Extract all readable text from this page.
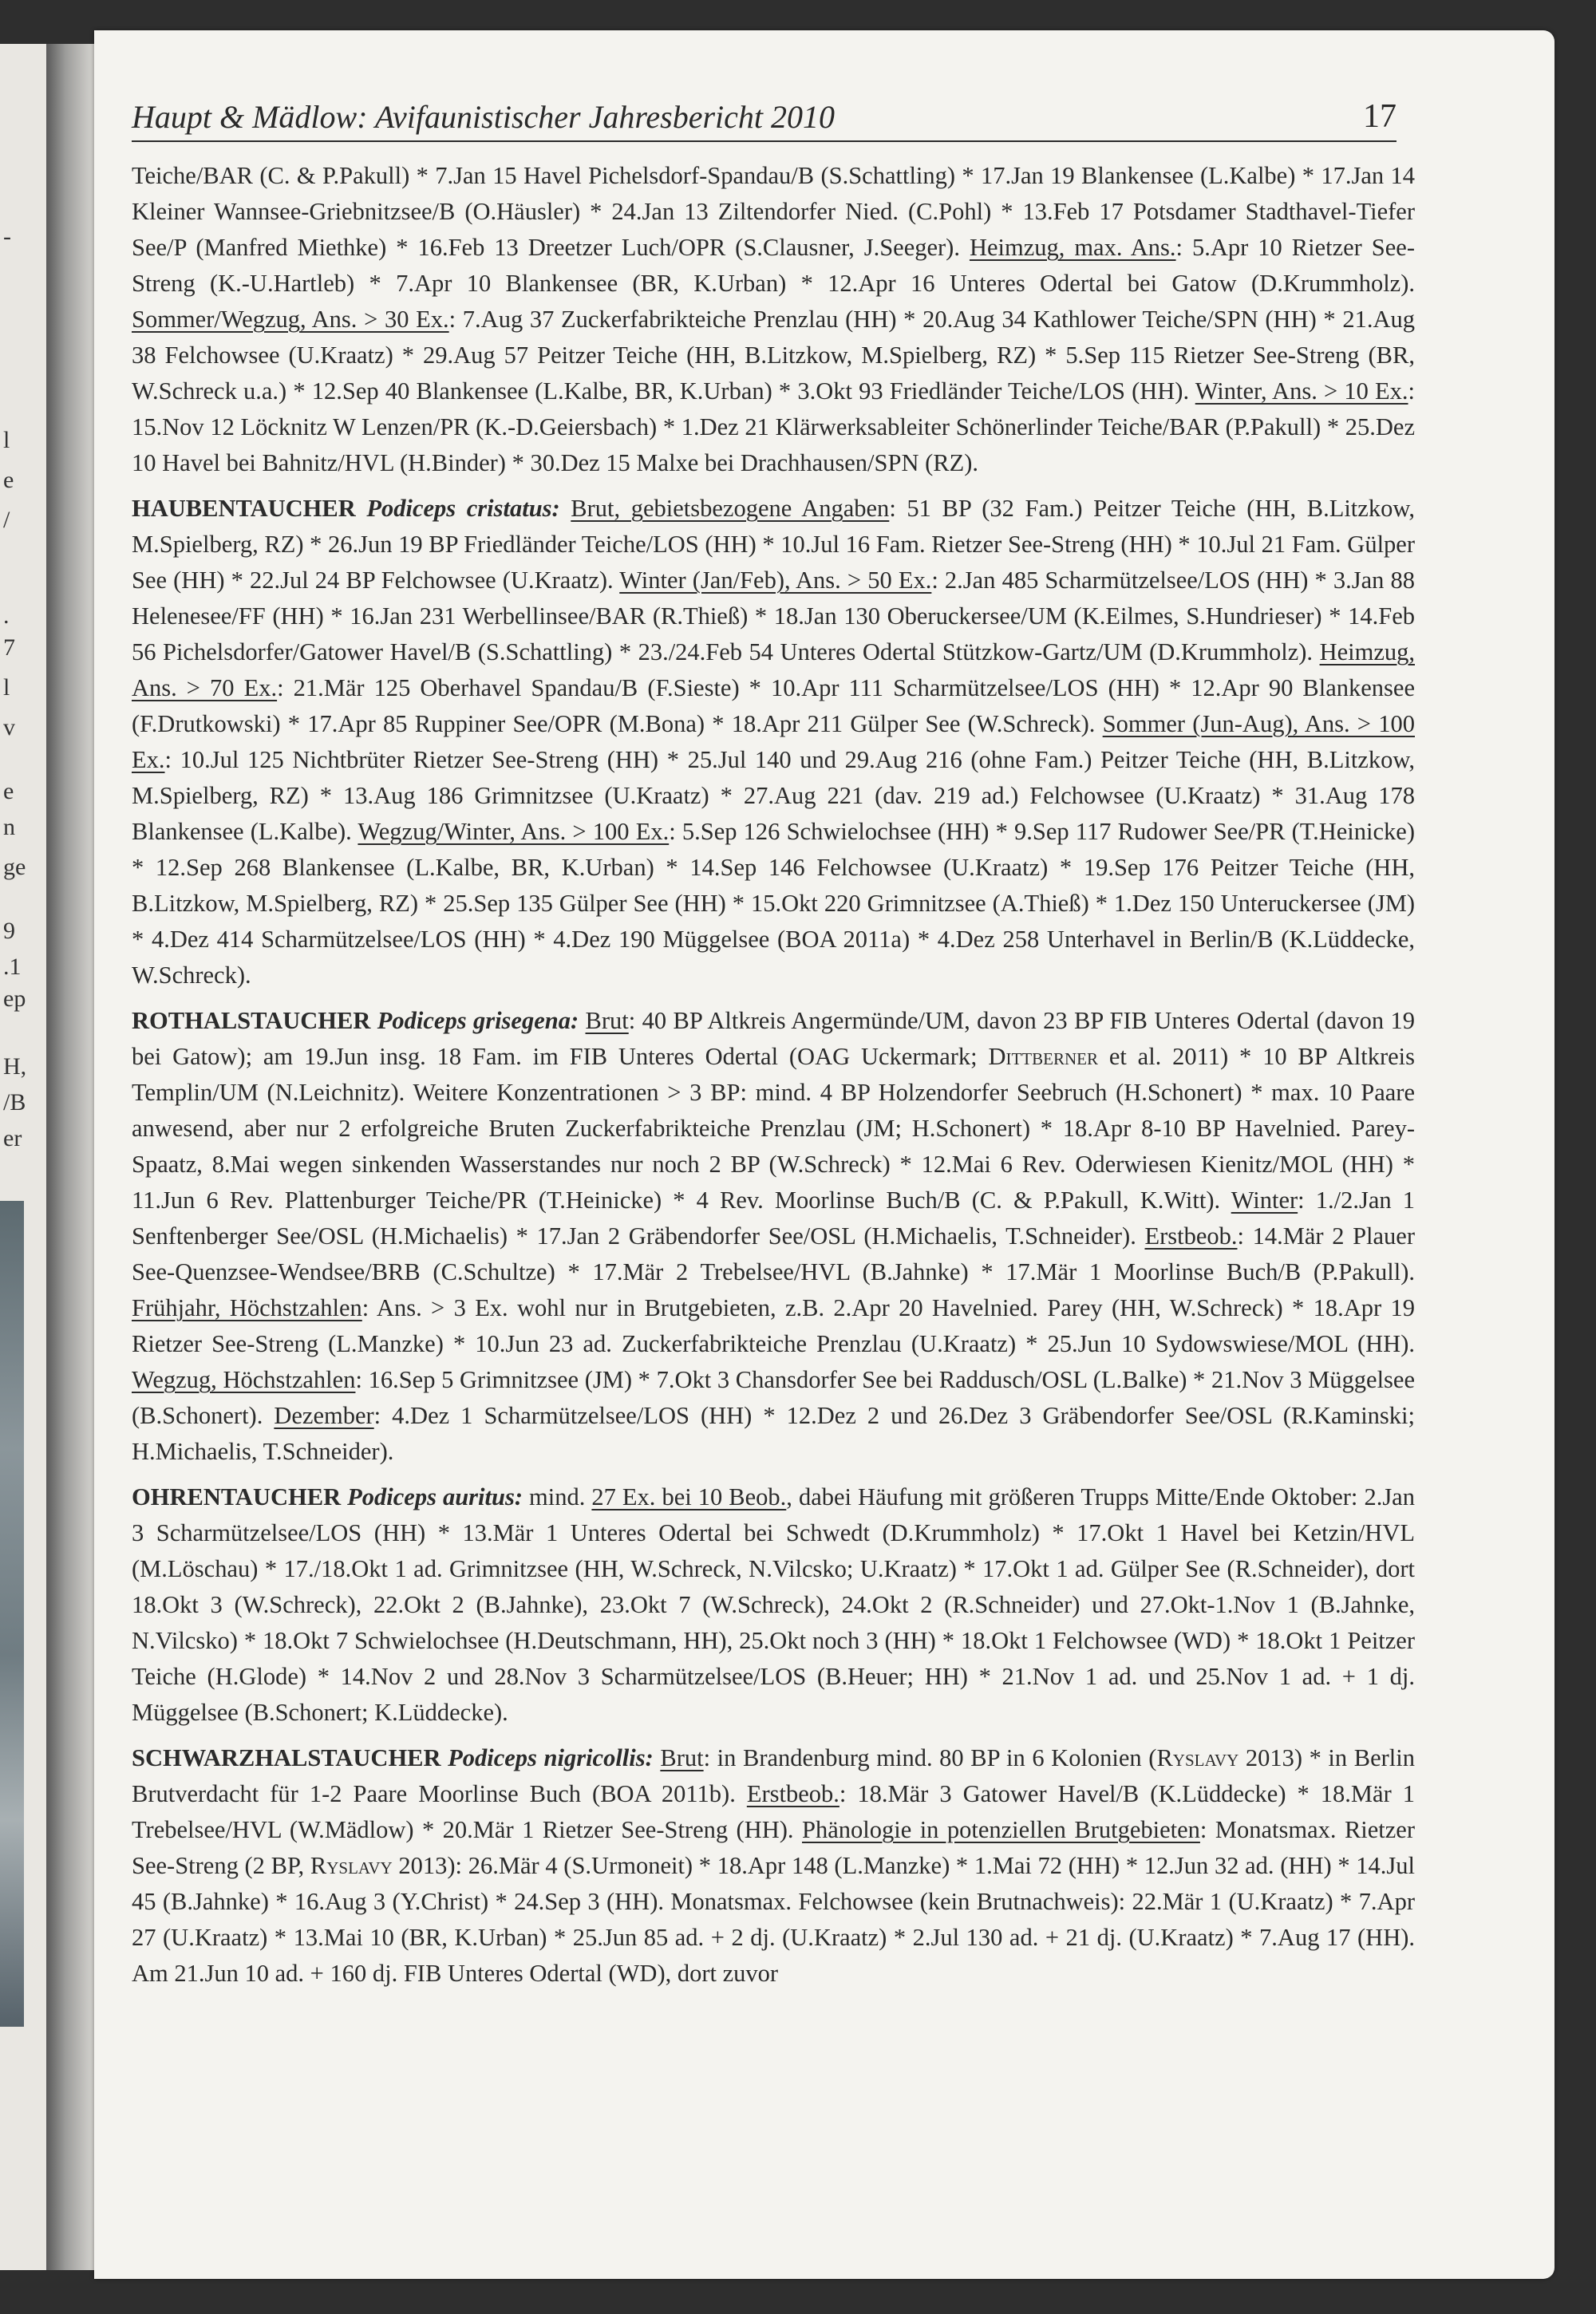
-
l
e
/
.
7
l
v
e
n
ge
9
.1
ep
H,
/B
er
Haupt & Mädlow: Avifaunistischer Jahresbericht 2010	17

Teiche/BAR (C. & P.Pakull) * 7.Jan 15 Havel Pichelsdorf-Spandau/B (S.Schattling) * 17.Jan 19 Blankensee (L.Kalbe) * 17.Jan 14 Kleiner Wannsee-Griebnitzsee/B (O.Häusler) * 24.Jan 13 Ziltendorfer Nied. (C.Pohl) * 13.Feb 17 Potsdamer Stadthavel-Tiefer See/P (Manfred Miethke) * 16.Feb 13 Dreetzer Luch/OPR (S.Clausner, J.Seeger). Heimzug, max. Ans.: 5.Apr 10 Rietzer See-Streng (K.-U.Hartleb) * 7.Apr 10 Blankensee (BR, K.Urban) * 12.Apr 16 Unteres Odertal bei Gatow (D.Krummholz). Sommer/Wegzug, Ans. > 30 Ex.: 7.Aug 37 Zuckerfabrikteiche Prenzlau (HH) * 20.Aug 34 Kathlower Teiche/SPN (HH) * 21.Aug 38 Felchowsee (U.Kraatz) * 29.Aug 57 Peitzer Teiche (HH, B.Litzkow, M.Spielberg, RZ) * 5.Sep 115 Rietzer See-Streng (BR, W.Schreck u.a.) * 12.Sep 40 Blankensee (L.Kalbe, BR, K.Urban) * 3.Okt 93 Friedländer Teiche/LOS (HH). Winter, Ans. > 10 Ex.: 15.Nov 12 Löcknitz W Lenzen/PR (K.-D.Geiersbach) * 1.Dez 21 Klärwerksableiter Schönerlinder Teiche/BAR (P.Pakull) * 25.Dez 10 Havel bei Bahnitz/HVL (H.Binder) * 30.Dez 15 Malxe bei Drachhausen/SPN (RZ).

HAUBENTAUCHER Podiceps cristatus: Brut, gebietsbezogene Angaben: 51 BP (32 Fam.) Peitzer Teiche (HH, B.Litzkow, M.Spielberg, RZ) * 26.Jun 19 BP Friedländer Teiche/LOS (HH) * 10.Jul 16 Fam. Rietzer See-Streng (HH) * 10.Jul 21 Fam. Gülper See (HH) * 22.Jul 24 BP Felchowsee (U.Kraatz). Winter (Jan/Feb), Ans. > 50 Ex.: 2.Jan 485 Scharmützelsee/LOS (HH) * 3.Jan 88 Helenesee/FF (HH) * 16.Jan 231 Werbellinsee/BAR (R.Thieß) * 18.Jan 130 Oberuckersee/UM (K.Eilmes, S.Hundrieser) * 14.Feb 56 Pichelsdorfer/Gatower Havel/B (S.Schattling) * 23./24.Feb 54 Unteres Odertal Stützkow-Gartz/UM (D.Krummholz). Heimzug, Ans. > 70 Ex.: 21.Mär 125 Oberhavel Spandau/B (F.Sieste) * 10.Apr 111 Scharmützelsee/LOS (HH) * 12.Apr 90 Blankensee (F.Drutkowski) * 17.Apr 85 Ruppiner See/OPR (M.Bona) * 18.Apr 211 Gülper See (W.Schreck). Sommer (Jun-Aug), Ans. > 100 Ex.: 10.Jul 125 Nichtbrüter Rietzer See-Streng (HH) * 25.Jul 140 und 29.Aug 216 (ohne Fam.) Peitzer Teiche (HH, B.Litzkow, M.Spielberg, RZ) * 13.Aug 186 Grimnitzsee (U.Kraatz) * 27.Aug 221 (dav. 219 ad.) Felchowsee (U.Kraatz) * 31.Aug 178 Blankensee (L.Kalbe). Wegzug/Winter, Ans. > 100 Ex.: 5.Sep 126 Schwielochsee (HH) * 9.Sep 117 Rudower See/PR (T.Heinicke) * 12.Sep 268 Blankensee (L.Kalbe, BR, K.Urban) * 14.Sep 146 Felchowsee (U.Kraatz) * 19.Sep 176 Peitzer Teiche (HH, B.Litzkow, M.Spielberg, RZ) * 25.Sep 135 Gülper See (HH) * 15.Okt 220 Grimnitzsee (A.Thieß) * 1.Dez 150 Unteruckersee (JM) * 4.Dez 414 Scharmützelsee/LOS (HH) * 4.Dez 190 Müggelsee (BOA 2011a) * 4.Dez 258 Unterhavel in Berlin/B (K.Lüddecke, W.Schreck).

ROTHALSTAUCHER Podiceps grisegena: Brut: 40 BP Altkreis Angermünde/UM, davon 23 BP FIB Unteres Odertal (davon 19 bei Gatow); am 19.Jun insg. 18 Fam. im FIB Unteres Odertal (OAG Uckermark; Dittberner et al. 2011) * 10 BP Altkreis Templin/UM (N.Leichnitz). Weitere Konzentrationen > 3 BP: mind. 4 BP Holzendorfer Seebruch (H.Schonert) * max. 10 Paare anwesend, aber nur 2 erfolgreiche Bruten Zuckerfabrikteiche Prenzlau (JM; H.Schonert) * 18.Apr 8-10 BP Havelnied. Parey-Spaatz, 8.Mai wegen sinkenden Wasserstandes nur noch 2 BP (W.Schreck) * 12.Mai 6 Rev. Oderwiesen Kienitz/MOL (HH) * 11.Jun 6 Rev. Plattenburger Teiche/PR (T.Heinicke) * 4 Rev. Moorlinse Buch/B (C. & P.Pakull, K.Witt). Winter: 1./2.Jan 1 Senftenberger See/OSL (H.Michaelis) * 17.Jan 2 Gräbendorfer See/OSL (H.Michaelis, T.Schneider). Erstbeob.: 14.Mär 2 Plauer See-Quenzsee-Wendsee/BRB (C.Schultze) * 17.Mär 2 Trebelsee/HVL (B.Jahnke) * 17.Mär 1 Moorlinse Buch/B (P.Pakull). Frühjahr, Höchstzahlen: Ans. > 3 Ex. wohl nur in Brutgebieten, z.B. 2.Apr 20 Havelnied. Parey (HH, W.Schreck) * 18.Apr 19 Rietzer See-Streng (L.Manzke) * 10.Jun 23 ad. Zuckerfabrikteiche Prenzlau (U.Kraatz) * 25.Jun 10 Sydowswiese/MOL (HH). Wegzug, Höchstzahlen: 16.Sep 5 Grimnitzsee (JM) * 7.Okt 3 Chansdorfer See bei Raddusch/OSL (L.Balke) * 21.Nov 3 Müggelsee (B.Schonert). Dezember: 4.Dez 1 Scharmützelsee/LOS (HH) * 12.Dez 2 und 26.Dez 3 Gräbendorfer See/OSL (R.Kaminski; H.Michaelis, T.Schneider).

OHRENTAUCHER Podiceps auritus: mind. 27 Ex. bei 10 Beob., dabei Häufung mit größeren Trupps Mitte/Ende Oktober: 2.Jan 3 Scharmützelsee/LOS (HH) * 13.Mär 1 Unteres Odertal bei Schwedt (D.Krummholz) * 17.Okt 1 Havel bei Ketzin/HVL (M.Löschau) * 17./18.Okt 1 ad. Grimnitzsee (HH, W.Schreck, N.Vilcsko; U.Kraatz) * 17.Okt 1 ad. Gülper See (R.Schneider), dort 18.Okt 3 (W.Schreck), 22.Okt 2 (B.Jahnke), 23.Okt 7 (W.Schreck), 24.Okt 2 (R.Schneider) und 27.Okt-1.Nov 1 (B.Jahnke, N.Vilcsko) * 18.Okt 7 Schwielochsee (H.Deutschmann, HH), 25.Okt noch 3 (HH) * 18.Okt 1 Felchowsee (WD) * 18.Okt 1 Peitzer Teiche (H.Glode) * 14.Nov 2 und 28.Nov 3 Scharmützelsee/LOS (B.Heuer; HH) * 21.Nov 1 ad. und 25.Nov 1 ad. + 1 dj. Müggelsee (B.Schonert; K.Lüddecke).

SCHWARZHALSTAUCHER Podiceps nigricollis: Brut: in Brandenburg mind. 80 BP in 6 Kolonien (Ryslavy 2013) * in Berlin Brutverdacht für 1-2 Paare Moorlinse Buch (BOA 2011b). Erstbeob.: 18.Mär 3 Gatower Havel/B (K.Lüddecke) * 18.Mär 1 Trebelsee/HVL (W.Mädlow) * 20.Mär 1 Rietzer See-Streng (HH). Phänologie in potenziellen Brutgebieten: Monatsmax. Rietzer See-Streng (2 BP, Ryslavy 2013): 26.Mär 4 (S.Urmoneit) * 18.Apr 148 (L.Manzke) * 1.Mai 72 (HH) * 12.Jun 32 ad. (HH) * 14.Jul 45 (B.Jahnke) * 16.Aug 3 (Y.Christ) * 24.Sep 3 (HH). Monatsmax. Felchowsee (kein Brutnachweis): 22.Mär 1 (U.Kraatz) * 7.Apr 27 (U.Kraatz) * 13.Mai 10 (BR, K.Urban) * 25.Jun 85 ad. + 2 dj. (U.Kraatz) * 2.Jul 130 ad. + 21 dj. (U.Kraatz) * 7.Aug 17 (HH). Am 21.Jun 10 ad. + 160 dj. FIB Unteres Odertal (WD), dort zuvor
